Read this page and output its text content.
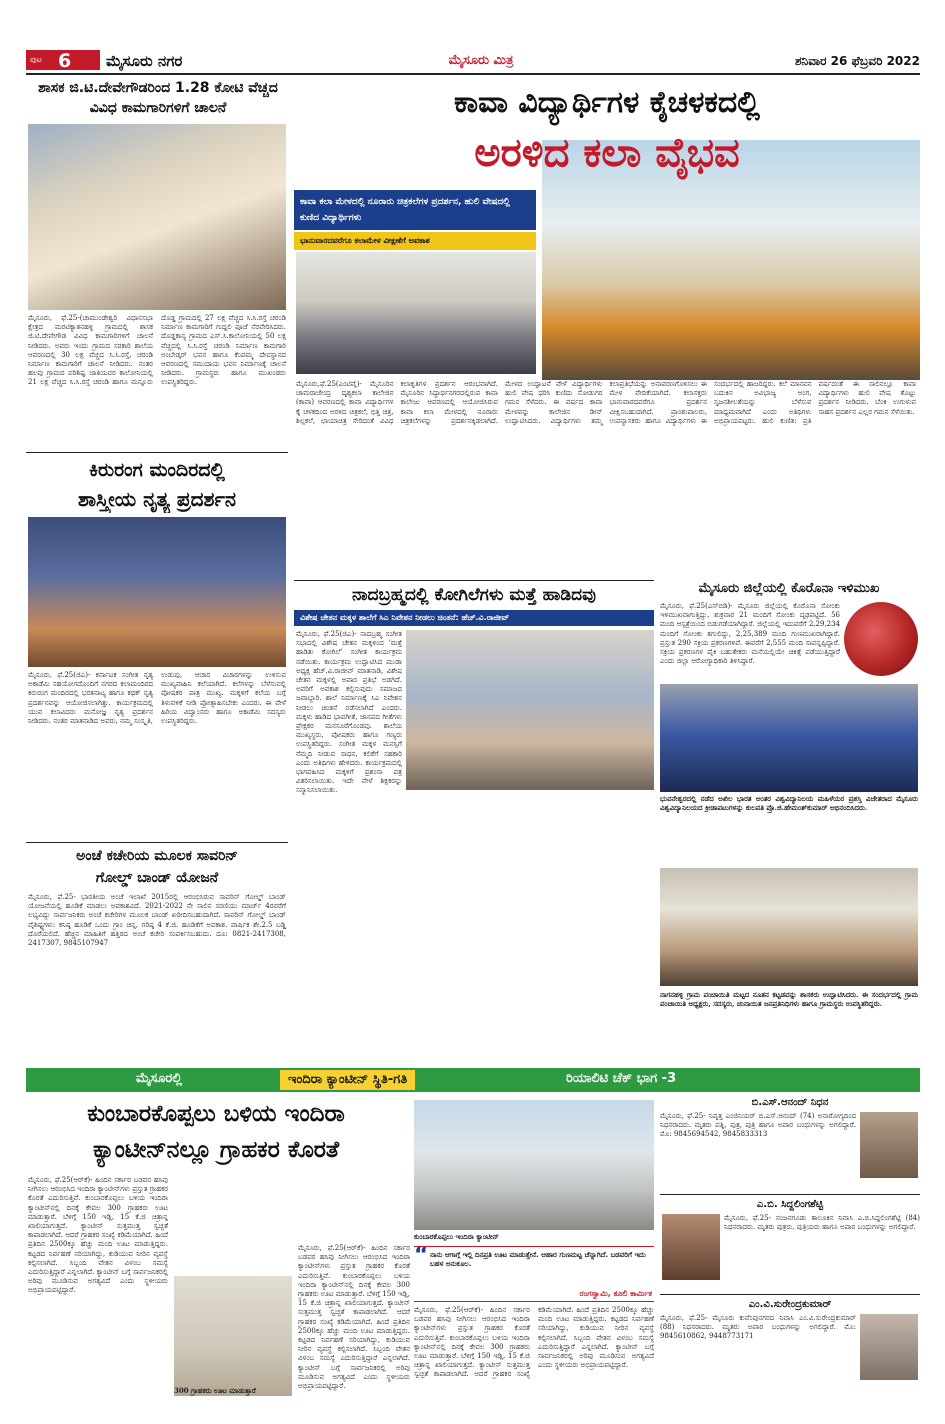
ಪುಟ 6 ಮೈಸೂರು ನಗರ	ಮೈಸೂರು ಮಿತ್ರ	ಶನಿವಾರ 26 ಫೆಬ್ರವರಿ 2022
ಶಾಸಕ ಜಿ.ಟಿ.ದೇವೇಗೌಡರಿಂದ 1.28 ಕೋಟಿ ವೆಚ್ಚದ ವಿವಿಧ ಕಾಮಗಾರಿಗಳಿಗೆ ಚಾಲನೆ
ಮೈಸೂರು, ಫೆ.25-(ಚಾಮುಂಡೇಶ್ವರಿ ವಿಧಾನಸಭಾ ಕ್ಷೇತ್ರದ ಮರಟಿಕ್ಯಾತನಹಳ್ಳಿ ಗ್ರಾಮದಲ್ಲಿ ಶಾಸಕ ಜಿ.ಟಿ.ದೇವೇಗೌಡ ವಿವಿಧ ಕಾಮಗಾರಿಗಳಿಗೆ ಚಾಲನೆ ನೀಡಿದರು. ಅವರು ಇಂದು ಗ್ರಾಮದ ಸರಕಾರಿ ಶಾಲೆಯ ಆವರಣದಲ್ಲಿ 30 ಲಕ್ಷ ವೆಚ್ಚದ ಸಿ.ಸಿ.ರಸ್ತೆ, ಚರಂಡಿ ನಿರ್ಮಾಣ ಕಾಮಗಾರಿಗೆ ಚಾಲನೆ ನೀಡಿದರು. ನಂತರ ಹಲವು ಗ್ರಾಮದ ಪರಿಶಿಷ್ಟ ಜಾತಿಯವರ ಕಾಲೋನಿಯಲ್ಲಿ 21 ಲಕ್ಷ ವೆಚ್ಚದ ಸಿ.ಸಿ.ರಸ್ತೆ ಚರಂಡಿ ಹಾಗೂ ಮನ್ನೂರು ದೊಡ್ಡ ಗ್ರಾಮದಲ್ಲಿ 27 ಲಕ್ಷ ವೆಚ್ಚದ ಸಿ.ಸಿ.ರಸ್ತೆ ಚರಂಡಿ ನಿರ್ಮಾಣ ಕಾಮಗಾರಿಗೆ ಗುದ್ದಲಿ ಪೂಜೆ ನೆರವೇರಿಸಿದರು. ದೊಡ್ಡಕಾನ್ಯ ಗ್ರಾಮದ ಎಸ್.ಸಿ.ಕಾಲೋನಿಯಲ್ಲಿ 50 ಲಕ್ಷ ವೆಚ್ಚದಲ್ಲಿ ಸಿ.ಸಿ.ರಸ್ತೆ ಚರಂಡಿ ನಿರ್ಮಾಣ ಕಾಮಗಾರಿ ಅಂಬೇಡ್ಕರ್ ಭವನ ಹಾಗೂ ಕೆಂಪಮ್ಮ ದೇವಸ್ಥಾನದ ಆವರಣದಲ್ಲಿ ಸಮುದಾಯ ಭವನ ನಿರ್ಮಾಣಕ್ಕೆ ಚಾಲನೆ ನೀಡಿದರು. ಗ್ರಾಮಸ್ಥರು ಹಾಗೂ ಮುಖಂಡರು ಉಪಸ್ಥಿತರಿದ್ದರು.
ಕಿರುರಂಗ ಮಂದಿರದಲ್ಲಿ
ಶಾಸ್ತ್ರೀಯ ನೃತ್ಯ ಪ್ರದರ್ಶನ
ಮೈಸೂರು, ಫೆ.25(ಜಿಎ)- ಕರ್ನಾಟಕ ಸಂಗೀತ ನೃತ್ಯ ಅಕಾಡೆಮಿ ಸಹಯೋಗದೊಂದಿಗೆ ನಗರದ ಕಲಾಮಂದಿರದ ಕಿರುರಂಗ ಮಂದಿರದಲ್ಲಿ ಭರತನಾಟ್ಯ ಹಾಗೂ ಕಥಕ್ ನೃತ್ಯ ಪ್ರದರ್ಶನವನ್ನು ಆಯೋಜಿಸಲಾಗಿತ್ತು. ಕಾರ್ಯಕ್ರಮದಲ್ಲಿ ಯುವ ಕಲಾವಿದರು ಮನೋಜ್ಞ ನೃತ್ಯ ಪ್ರದರ್ಶನ ನೀಡಿದರು. ನಂತರ ಮಾತನಾಡಿದ ಅವರು, ನಮ್ಮ ಸಂಸ್ಕೃತಿ, ಉಡುಪು, ಆಚಾರ ವಿಚಾರಗಳನ್ನು ಉಳಿಸುವ ಮುಖ್ಯವಾಹಿನಿ ಕಲೆಯಾಗಿದೆ. ಕಲೆಗಳನ್ನು ಬೆಳೆಸುವಲ್ಲಿ ಪೋಷಕರ ಪಾತ್ರ ಮುಖ್ಯ. ಮಕ್ಕಳಿಗೆ ಕಲೆಯ ಬಗ್ಗೆ ತಿಳುವಳಿಕೆ ನೀಡಿ ಪ್ರೋತ್ಸಾಹಿಸಬೇಕು ಎಂದರು. ಈ ವೇಳೆ ಹಿರಿಯ ವಿದ್ವಾಂಸರು ಹಾಗೂ ಅಕಾಡೆಮಿ ಸದಸ್ಯರು ಉಪಸ್ಥಿತರಿದ್ದರು.
ಅಂಚೆ ಕಚೇರಿಯ ಮೂಲಕ ಸಾವರಿನ್
ಗೋಲ್ಡ್ ಬಾಂಡ್ ಯೋಜನೆ
ಮೈಸೂರು, ಫೆ.25- ಭಾರತೀಯ ಅಂಚೆ ಇಲಾಖೆ 2015ರಲ್ಲಿ ಆರಂಭಿಸಿರುವ ಸಾವರಿನ್ ಗೋಲ್ಡ್ ಬಾಂಡ್ ಯೋಜನೆಯಲ್ಲಿ ಹೂಡಿಕೆ ಮಾಡಲು ಅವಕಾಶವಿದೆ. 2021-2022 ನೇ ಸಾಲಿನ ಸರಣಿಯು ಮಾರ್ಚ್ 4ರವರೆಗೆ ಲಭ್ಯವಿದ್ದು ಸಾರ್ವಜನಿಕರು ಅಂಚೆ ಕಚೇರಿಗಳ ಮೂಲಕ ಬಾಂಡ್ ಖರೀದಿಸಬಹುದಾಗಿದೆ. ಸಾವರಿನ್ ಗೋಲ್ಡ್ ಬಾಂಡ್ ವೈಶಿಷ್ಟ್ಯಗಳು: ಕನಿಷ್ಠ ಹೂಡಿಕೆ ಒಂದು ಗ್ರಾಂ ಚಿನ್ನ, ಗರಿಷ್ಠ 4 ಕೆ.ಜಿ. ಹೂಡಿಕೆಗೆ ಅವಕಾಶ. ವಾರ್ಷಿಕ ಶೇ.2.5 ಬಡ್ಡಿ ದೊರೆಯಲಿದೆ. ಹೆಚ್ಚಿನ ಮಾಹಿತಿಗೆ ಹತ್ತಿರದ ಅಂಚೆ ಕಚೇರಿ ಸಂಪರ್ಕಿಸಬಹುದು. ದೂ: 0821-2417308, 2417307, 9845107947
ಕಾವಾ ವಿದ್ಯಾರ್ಥಿಗಳ ಕೈಚಳಕದಲ್ಲಿ
ಅರಳಿದ ಕಲಾ ವೈಭವ
ಕಾವಾ ಕಲಾ ಮೇಳದಲ್ಲಿ ನೂರಾರು ಚಿತ್ರಕಲೆಗಳ ಪ್ರದರ್ಶನ, ಹುಲಿ ವೇಷದಲ್ಲಿ ಕುಣಿದ ವಿದ್ಯಾರ್ಥಿಗಳು
ಭಾನುವಾರದವರೆಗೂ ಕಲಾಮೇಳ ವೀಕ್ಷಣೆಗೆ ಅವಕಾಶ
ಮೈಸೂರು,ಫೆ.25(ಎಂಟಿವೈ)- ಮೈಸೂರಿನ ಚಾಮರಾಜೇಂದ್ರ ದೃಶ್ಯಕಲಾ ಕಾಲೇಜಿನ (ಕಾವಾ) ಆವರಣದಲ್ಲಿ ಕಾವಾ ವಿದ್ಯಾರ್ಥಿಗಳ ಕೈ ಚಳಕದಿಂದ ಅರಳಿದ ಚಿತ್ರಕಲೆ, ಭಿತ್ತಿ ಚಿತ್ರ, ಶಿಲ್ಪಕಲೆ, ಛಾಯಾಚಿತ್ರ ಸೇರಿದಂತೆ ವಿವಿಧ ಕಲಾಕೃತಿಗಳ ಪ್ರದರ್ಶನ ಆರಂಭವಾಗಿದೆ. ಮೈಸೂರಿನ ಸಿದ್ಧಾರ್ಥನಗರದಲ್ಲಿರುವ ಕಾವಾ ಕಾಲೇಜು ಆವರಣದಲ್ಲಿ ಆಯೋಜಿಸಿರುವ ಕಾವಾ ಕಲಾ ಮೇಳದಲ್ಲಿ ನೂರಾರು ಚಿತ್ರಕಲೆಗಳನ್ನು ಪ್ರದರ್ಶನಕ್ಕಿಡಲಾಗಿದೆ. ಮೇಳದ ಉದ್ಘಾಟನೆ ವೇಳೆ ವಿದ್ಯಾರ್ಥಿಗಳು ಹುಲಿ ವೇಷ ಧರಿಸಿ ಕುಣಿದು ನೋಡುಗರ ಗಮನ ಸೆಳೆದರು. ಈ ವರ್ಷದ ಕಾವಾ ಮೇಳವನ್ನು ಕಾಲೇಜಿನ ಡೀನ್ ಉದ್ಘಾಟಿಸಿದರು. ವಿದ್ಯಾರ್ಥಿಗಳು ತಮ್ಮ ಕಲಾಪ್ರತಿಭೆಯನ್ನು ಅನಾವರಣಗೊಳಿಸಲು ಈ ಮೇಳ ವೇದಿಕೆಯಾಗಿದೆ. ಕಲಾಸಕ್ತರು ಭಾನುವಾರದವರೆಗೂ ಪ್ರದರ್ಶನ ವೀಕ್ಷಿಸಬಹುದಾಗಿದೆ. ಪ್ರಾಂಶುಪಾಲರು, ಉಪನ್ಯಾಸಕರು ಹಾಗೂ ವಿದ್ಯಾರ್ಥಿಗಳು ಈ ಸಂದರ್ಭದಲ್ಲಿ ಹಾಜರಿದ್ದರು. ಕಲೆ ಮಾನವನ ಬದುಕಿನ ಅವಿಭಾಜ್ಯ ಅಂಗ, ಸೃಜನಶೀಲತೆಯನ್ನು ಬೆಳೆಸುವ ಮಾಧ್ಯಮವಾಗಿದೆ ಎಂದು ಅತಿಥಿಗಳು ಅಭಿಪ್ರಾಯಪಟ್ಟರು. ಹುಲಿ ಕುಣಿತ: ಪ್ರತಿ ವರ್ಷದಂತೆ ಈ ಸಾಲಿನಲ್ಲೂ ಕಾವಾ ವಿದ್ಯಾರ್ಥಿಗಳು ಹುಲಿ ವೇಷ ತೊಟ್ಟು ಪ್ರದರ್ಶನ ನೀಡಿದರು. ಬೆಂಕಿ ಉಗುಳುವ ಸಾಹಸ ಪ್ರದರ್ಶನ ಎಲ್ಲರ ಗಮನ ಸೆಳೆಯಿತು.
ನಾದಬ್ರಹ್ಮದಲ್ಲಿ ಕೋಗಿಲೆಗಳು ಮತ್ತೆ ಹಾಡಿದವು
ವಿಶೇಷ ಚೇತನ ಮಕ್ಕಳ ಶಾಲೆಗೆ ಸಿಎ ನಿವೇಶನ ನೀಡಲು ಚಿಂತನೆ: ಹೆಚ್.ವಿ.ರಾಜೀವ್
ಮೈಸೂರು, ಫೆ.25(ಜಿಎ)- ನಾದಬ್ರಹ್ಮ ಸಂಗೀತ ಸಭಾದಲ್ಲಿ ವಿಶೇಷ ಚೇತನ ಮಕ್ಕಳಿಂದ 'ಮತ್ತೆ ಹಾಡಿತು ಕೋಗಿಲೆ' ಸಂಗೀತ ಕಾರ್ಯಕ್ರಮ ನಡೆಯಿತು. ಕಾರ್ಯಕ್ರಮ ಉದ್ಘಾಟಿಸಿದ ಮುಡಾ ಅಧ್ಯಕ್ಷ ಹೆಚ್.ವಿ.ರಾಜೀವ್ ಮಾತನಾಡಿ, ವಿಶೇಷ ಚೇತನ ಮಕ್ಕಳಲ್ಲಿ ಅಪಾರ ಪ್ರತಿಭೆ ಅಡಗಿದೆ. ಅವರಿಗೆ ಅವಕಾಶ ಕಲ್ಪಿಸುವುದು ಸಮಾಜದ ಜವಾಬ್ದಾರಿ. ಶಾಲೆ ನಿರ್ಮಾಣಕ್ಕೆ ಸಿಎ ನಿವೇಶನ ನೀಡಲು ಚಿಂತನೆ ನಡೆಸಲಾಗಿದೆ ಎಂದರು. ಮಕ್ಕಳು ಹಾಡಿದ ಭಾವಗೀತೆ, ಜಾನಪದ ಗೀತೆಗಳು ಪ್ರೇಕ್ಷಕರ ಮನಸೂರೆಗೊಂಡವು. ಶಾಲೆಯ ಮುಖ್ಯಸ್ಥರು, ಪೋಷಕರು ಹಾಗೂ ಗಣ್ಯರು ಉಪಸ್ಥಿತರಿದ್ದರು. ಸಂಗೀತ ಮಕ್ಕಳ ಮನಸ್ಸಿಗೆ ನೆಮ್ಮದಿ ನೀಡುವ ಸಾಧನ, ಕಲಿಕೆಗೆ ಸಹಕಾರಿ ಎಂದು ಅತಿಥಿಗಳು ಹೇಳಿದರು. ಕಾರ್ಯಕ್ರಮದಲ್ಲಿ ಭಾಗವಹಿಸಿದ ಮಕ್ಕಳಿಗೆ ಪ್ರಶಂಸಾ ಪತ್ರ ವಿತರಿಸಲಾಯಿತು. ಇದೇ ವೇಳೆ ಶಿಕ್ಷಕರನ್ನು ಸನ್ಮಾನಿಸಲಾಯಿತು.
ಮೈಸೂರು ಜಿಲ್ಲೆಯಲ್ಲಿ ಕೊರೊನಾ ಇಳಿಮುಖ
ಮೈಸೂರು, ಫೆ.25(ಎಸ್‌ಬಿಡಿ)- ಮೈಸೂರು ಜಿಲ್ಲೆಯಲ್ಲಿ ಕೊರೊನಾ ಸೋಂಕು ಇಳಿಮುಖವಾಗುತ್ತಿದ್ದು, ಶುಕ್ರವಾರ 21 ಮಂದಿಗೆ ಸೋಂಕು ದೃಢಪಟ್ಟಿದೆ. 56 ಮಂದಿ ಆಸ್ಪತ್ರೆಯಿಂದ ಬಿಡುಗಡೆಯಾಗಿದ್ದಾರೆ. ಜಿಲ್ಲೆಯಲ್ಲಿ ಇದುವರೆಗೆ 2,29,234 ಮಂದಿಗೆ ಸೋಂಕು ತಗುಲಿದ್ದು, 2,25,389 ಮಂದಿ ಗುಣಮುಖರಾಗಿದ್ದಾರೆ. ಪ್ರಸ್ತುತ 290 ಸಕ್ರಿಯ ಪ್ರಕರಣಗಳಿವೆ. ಈವರೆಗೆ 2,555 ಮಂದಿ ಸಾವನ್ನಪ್ಪಿದ್ದಾರೆ. ಸಕ್ರಿಯ ಪ್ರಕರಣಗಳ ಪೈಕಿ ಬಹುತೇಕರು ಮನೆಯಲ್ಲಿಯೇ ಚಿಕಿತ್ಸೆ ಪಡೆಯುತ್ತಿದ್ದಾರೆ ಎಂದು ಜಿಲ್ಲಾ ಆರೋಗ್ಯಾಧಿಕಾರಿ ತಿಳಿಸಿದ್ದಾರೆ.
ಭುವನೇಶ್ವರದಲ್ಲಿ ನಡೆದ ಅಖಿಲ ಭಾರತ ಅಂತರ ವಿಶ್ವವಿದ್ಯಾನಿಲಯ ಮಹಿಳೆಯರ ಪ್ರಶಸ್ತಿ ವಿಜೇತರಾದ ಮೈಸೂರು ವಿಶ್ವವಿದ್ಯಾನಿಲಯದ ಕ್ರೀಡಾಪಟುಗಳನ್ನು ಕುಲಪತಿ ಪ್ರೊ.ಜಿ.ಹೇಮಂತ್‌ಕುಮಾರ್ ಅಭಿನಂದಿಸಿದರು.
ನಾಗನಹಳ್ಳಿ ಗ್ರಾಮ ಪಂಚಾಯಿತಿ ಮಟ್ಟದ ನೂತನ ಕಟ್ಟಡವನ್ನು ಶಾಸಕರು ಉದ್ಘಾಟಿಸಿದರು. ಈ ಸಂದರ್ಭದಲ್ಲಿ ಗ್ರಾಮ ಪಂಚಾಯಿತಿ ಅಧ್ಯಕ್ಷರು, ಸದಸ್ಯರು, ಚುನಾಯಿತ ಜನಪ್ರತಿನಿಧಿಗಳು ಹಾಗೂ ಗ್ರಾಮಸ್ಥರು ಉಪಸ್ಥಿತರಿದ್ದರು.
ಮೈಸೂರಲ್ಲಿ	ಇಂದಿರಾ ಕ್ಯಾಂಟೀನ್ ಸ್ಥಿತಿ-ಗತಿ	ರಿಯಾಲಿಟಿ ಚೆಕ್ ಭಾಗ -3
ಕುಂಬಾರಕೊಪ್ಪಲು ಬಳಿಯ ಇಂದಿರಾ
ಕ್ಯಾಂಟೀನ್‌ನಲ್ಲೂ ಗ್ರಾಹಕರ ಕೊರತೆ
ಕುಂಬಾರಕೊಪ್ಪಲು ಇಂದಿರಾ ಕ್ಯಾಂಟೀನ್
300 ಗ್ರಾಹಕರು ಊಟ ಮಾಡುತ್ತಾರೆ
ಮೈಸೂರು, ಫೆ.25(ಆರ್‌ಕೆ)- ಹಿಂದಿನ ಸರ್ಕಾರ ಬಡವರ ಹಸಿವು ನೀಗಿಸಲು ಆರಂಭಿಸಿದ ಇಂದಿರಾ ಕ್ಯಾಂಟೀನ್‌ಗಳು ಪ್ರಸ್ತುತ ಗ್ರಾಹಕರ ಕೊರತೆ ಎದುರಿಸುತ್ತಿವೆ. ಕುಂಬಾರಕೊಪ್ಪಲು ಬಳಿಯ ಇಂದಿರಾ ಕ್ಯಾಂಟೀನ್‌ನಲ್ಲಿ ದಿನಕ್ಕೆ ಕೇವಲ 300 ಗ್ರಾಹಕರು ಊಟ ಮಾಡುತ್ತಾರೆ. ಬೆಳಿಗ್ಗೆ 150 ಇಡ್ಲಿ, 15 ಕೆ.ಜಿ ಚಿತ್ರಾನ್ನ ಖಾಲಿಯಾಗುತ್ತದೆ. ಕ್ಯಾಂಟೀನ್ ಸುತ್ತಮುತ್ತ ಸ್ವಚ್ಛತೆ ಕಾಪಾಡಲಾಗಿದೆ. ಆದರೆ ಗ್ರಾಹಕರ ಸಂಖ್ಯೆ ಕಡಿಮೆಯಾಗಿದೆ. ಹಿಂದೆ ಪ್ರತಿದಿನ 2500ಕ್ಕೂ ಹೆಚ್ಚು ಮಂದಿ ಊಟ ಮಾಡುತ್ತಿದ್ದರು. ಕಟ್ಟಡದ ನಿರ್ವಹಣೆ ಸರಿಯಾಗಿದ್ದು, ಕುಡಿಯುವ ನೀರಿನ ವ್ಯವಸ್ಥೆ ಕಲ್ಪಿಸಲಾಗಿದೆ. ಸಿಬ್ಬಂದಿ ವೇತನ ವಿಳಂಬ ಸಮಸ್ಯೆ ಎದುರಿಸುತ್ತಿದ್ದಾರೆ ಎನ್ನಲಾಗಿದೆ. ಕ್ಯಾಂಟೀನ್ ಬಗ್ಗೆ ಸಾರ್ವಜನಿಕರಲ್ಲಿ ಅರಿವು ಮೂಡಿಸುವ ಅಗತ್ಯವಿದೆ ಎಂದು ಸ್ಥಳೀಯರು ಅಭಿಪ್ರಾಯಪಟ್ಟಿದ್ದಾರೆ.
ಮೈಸೂರು, ಫೆ.25(ಆರ್‌ಕೆ)- ಹಿಂದಿನ ಸರ್ಕಾರ ಬಡವರ ಹಸಿವು ನೀಗಿಸಲು ಆರಂಭಿಸಿದ ಇಂದಿರಾ ಕ್ಯಾಂಟೀನ್‌ಗಳು ಪ್ರಸ್ತುತ ಗ್ರಾಹಕರ ಕೊರತೆ ಎದುರಿಸುತ್ತಿವೆ. ಕುಂಬಾರಕೊಪ್ಪಲು ಬಳಿಯ ಇಂದಿರಾ ಕ್ಯಾಂಟೀನ್‌ನಲ್ಲಿ ದಿನಕ್ಕೆ ಕೇವಲ 300 ಗ್ರಾಹಕರು ಊಟ ಮಾಡುತ್ತಾರೆ. ಬೆಳಿಗ್ಗೆ 150 ಇಡ್ಲಿ, 15 ಕೆ.ಜಿ ಚಿತ್ರಾನ್ನ ಖಾಲಿಯಾಗುತ್ತದೆ. ಕ್ಯಾಂಟೀನ್ ಸುತ್ತಮುತ್ತ ಸ್ವಚ್ಛತೆ ಕಾಪಾಡಲಾಗಿದೆ. ಆದರೆ ಗ್ರಾಹಕರ ಸಂಖ್ಯೆ ಕಡಿಮೆಯಾಗಿದೆ. ಹಿಂದೆ ಪ್ರತಿದಿನ 2500ಕ್ಕೂ ಹೆಚ್ಚು ಮಂದಿ ಊಟ ಮಾಡುತ್ತಿದ್ದರು. ಕಟ್ಟಡದ ನಿರ್ವಹಣೆ ಸರಿಯಾಗಿದ್ದು, ಕುಡಿಯುವ ನೀರಿನ ವ್ಯವಸ್ಥೆ ಕಲ್ಪಿಸಲಾಗಿದೆ. ಸಿಬ್ಬಂದಿ ವೇತನ ವಿಳಂಬ ಸಮಸ್ಯೆ ಎದುರಿಸುತ್ತಿದ್ದಾರೆ ಎನ್ನಲಾಗಿದೆ. ಕ್ಯಾಂಟೀನ್ ಬಗ್ಗೆ ಸಾರ್ವಜನಿಕರಲ್ಲಿ ಅರಿವು ಮೂಡಿಸುವ ಅಗತ್ಯವಿದೆ ಎಂದು ಸ್ಥಳೀಯರು ಅಭಿಪ್ರಾಯಪಟ್ಟಿದ್ದಾರೆ.
“ ನಾನು ಆಗಾಗ್ಗೆ ಇಲ್ಲಿ ದಿನಪ್ರತಿ ಊಟ ಮಾಡುತ್ತೇನೆ. ಆಹಾರ ಗುಣಮಟ್ಟ ಚೆನ್ನಾಗಿದೆ. ಬಡವರಿಗೆ ಇದು ಬಹಳ ಅನುಕೂಲ.
ರಂಗಸ್ವಾಮಿ, ಕೂಲಿ ಕಾರ್ಮಿಕ
ಮೈಸೂರು, ಫೆ.25(ಆರ್‌ಕೆ)- ಹಿಂದಿನ ಸರ್ಕಾರ ಬಡವರ ಹಸಿವು ನೀಗಿಸಲು ಆರಂಭಿಸಿದ ಇಂದಿರಾ ಕ್ಯಾಂಟೀನ್‌ಗಳು ಪ್ರಸ್ತುತ ಗ್ರಾಹಕರ ಕೊರತೆ ಎದುರಿಸುತ್ತಿವೆ. ಕುಂಬಾರಕೊಪ್ಪಲು ಬಳಿಯ ಇಂದಿರಾ ಕ್ಯಾಂಟೀನ್‌ನಲ್ಲಿ ದಿನಕ್ಕೆ ಕೇವಲ 300 ಗ್ರಾಹಕರು ಊಟ ಮಾಡುತ್ತಾರೆ. ಬೆಳಿಗ್ಗೆ 150 ಇಡ್ಲಿ, 15 ಕೆ.ಜಿ ಚಿತ್ರಾನ್ನ ಖಾಲಿಯಾಗುತ್ತದೆ. ಕ್ಯಾಂಟೀನ್ ಸುತ್ತಮುತ್ತ ಸ್ವಚ್ಛತೆ ಕಾಪಾಡಲಾಗಿದೆ. ಆದರೆ ಗ್ರಾಹಕರ ಸಂಖ್ಯೆ ಕಡಿಮೆಯಾಗಿದೆ. ಹಿಂದೆ ಪ್ರತಿದಿನ 2500ಕ್ಕೂ ಹೆಚ್ಚು ಮಂದಿ ಊಟ ಮಾಡುತ್ತಿದ್ದರು. ಕಟ್ಟಡದ ನಿರ್ವಹಣೆ ಸರಿಯಾಗಿದ್ದು, ಕುಡಿಯುವ ನೀರಿನ ವ್ಯವಸ್ಥೆ ಕಲ್ಪಿಸಲಾಗಿದೆ. ಸಿಬ್ಬಂದಿ ವೇತನ ವಿಳಂಬ ಸಮಸ್ಯೆ ಎದುರಿಸುತ್ತಿದ್ದಾರೆ ಎನ್ನಲಾಗಿದೆ. ಕ್ಯಾಂಟೀನ್ ಬಗ್ಗೆ ಸಾರ್ವಜನಿಕರಲ್ಲಿ ಅರಿವು ಮೂಡಿಸುವ ಅಗತ್ಯವಿದೆ ಎಂದು ಸ್ಥಳೀಯರು ಅಭಿಪ್ರಾಯಪಟ್ಟಿದ್ದಾರೆ.
ಬಿ.ಎಸ್.ಆನಂದ್ ನಿಧನ
ಮೈಸೂರು, ಫೆ.25- ನಿವೃತ್ತ ಎಂಜಿನಿಯರ್ ಬಿ.ಎಸ್.ಆನಂದ್ (74) ಅನಾರೋಗ್ಯದಿಂದ ನಿಧನರಾದರು. ಮೃತರು ಪತ್ನಿ, ಪುತ್ರ, ಪುತ್ರಿ ಹಾಗೂ ಅಪಾರ ಬಂಧುಗಳನ್ನು ಅಗಲಿದ್ದಾರೆ. ಮೊ: 9845694542, 9845833313
ಎ.ಬಿ. ಸಿದ್ದಲಿಂಗಶೆಟ್ಟಿ
ಮೈಸೂರು, ಫೆ.25- ನಂಜನಗೂಡು ತಾಲೂಕಿನ ನಿವಾಸಿ ಎ.ಬಿ.ಸಿದ್ದಲಿಂಗಶೆಟ್ಟಿ (84) ನಿಧನರಾದರು. ಮೃತರು ಪುತ್ರರು, ಪುತ್ರಿಯರು ಹಾಗೂ ಅಪಾರ ಬಂಧುಗಳನ್ನು ಅಗಲಿದ್ದಾರೆ.
ಎಂ.ವಿ.ಸುರೇಂದ್ರಕುಮಾರ್
ಮೈಸೂರು, ಫೆ.25- ಮೈಸೂರು ಕುವೆಂಪುನಗರದ ನಿವಾಸಿ ಎಂ.ವಿ.ಸುರೇಂದ್ರಕುಮಾರ್ (88) ನಿಧನರಾದರು. ಮೃತರು ಅಪಾರ ಬಂಧುಗಳನ್ನು ಅಗಲಿದ್ದಾರೆ. ಮೊ: 9845610862, 9448773171
